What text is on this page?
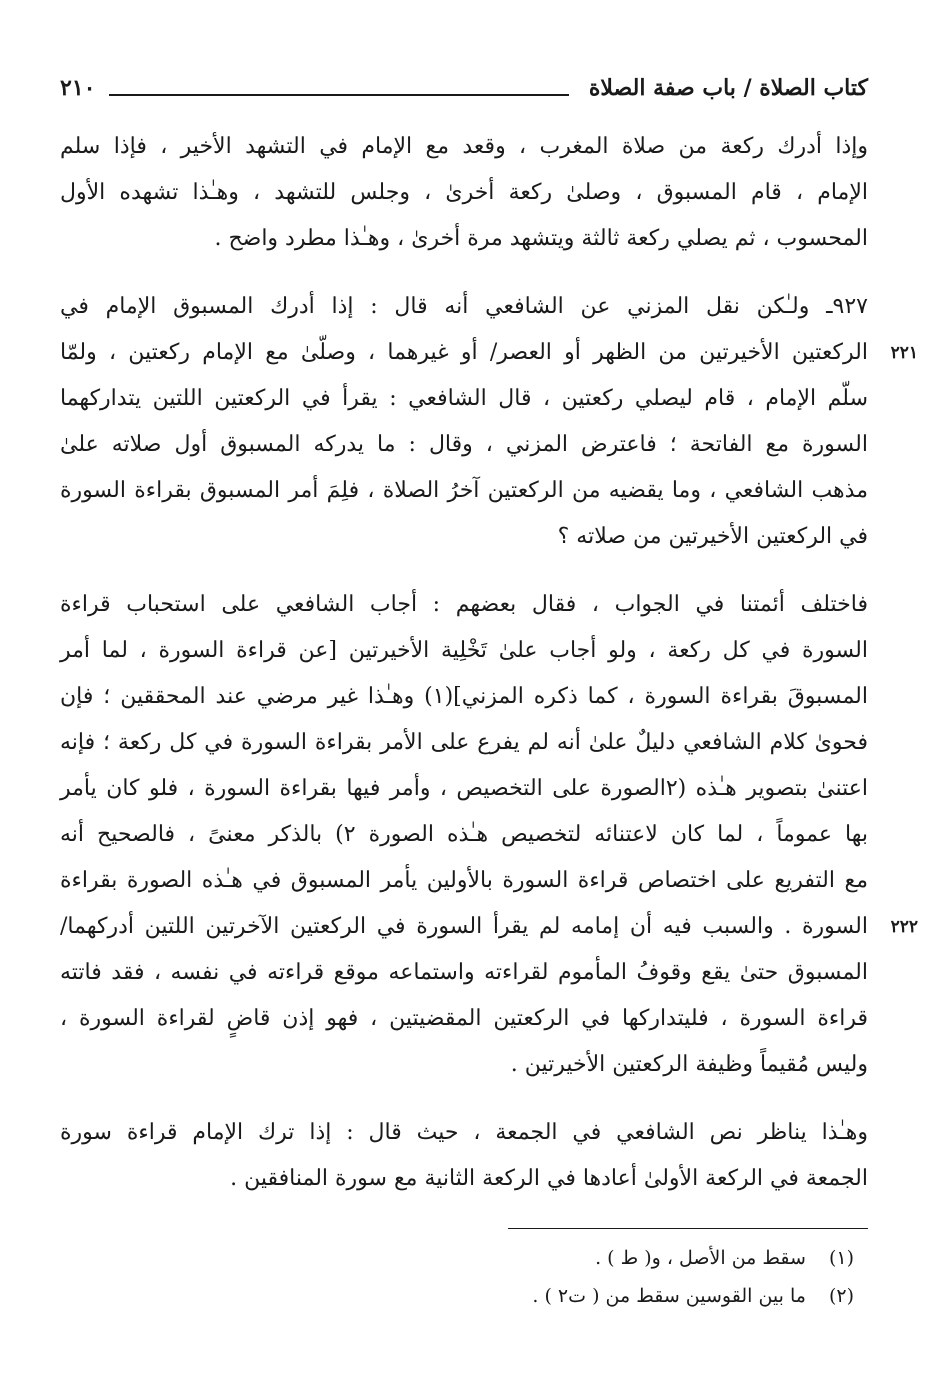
كتاب الصلاة / باب صفة الصلاة
٢١٠
وإذا أدرك ركعة من صلاة المغرب ، وقعد مع الإمام في التشهد الأخير ، فإذا سلم
الإمام ، قام المسبوق ، وصلىٰ ركعة أخرىٰ ، وجلس للتشهد ، وهـٰذا تشهده الأول
المحسوب ، ثم يصلي ركعة ثالثة ويتشهد مرة أخرىٰ ، وهـٰذا مطرد واضح .
٩٢٧ـ ولـٰكن نقل المزني عن الشافعي أنه قال : إذا أدرك المسبوق الإمام في
٢٢١
الركعتين الأخيرتين من الظهر أو العصر/ أو غيرهما ، وصلّىٰ مع الإمام ركعتين ، ولمّا
سلّم الإمام ، قام ليصلي ركعتين ، قال الشافعي : يقرأ في الركعتين اللتين يتداركهما
السورة مع الفاتحة ؛ فاعترض المزني ، وقال : ما يدركه المسبوق أول صلاته علىٰ
مذهب الشافعي ، وما يقضيه من الركعتين آخرُ الصلاة ، فلِمَ أمر المسبوق بقراءة السورة
في الركعتين الأخيرتين من صلاته ؟
فاختلف أئمتنا في الجواب ، فقال بعضهم : أجاب الشافعي على استحباب قراءة
السورة في كل ركعة ، ولو أجاب علىٰ تَخْلِية الأخيرتين [عن قراءة السورة ، لما أمر
المسبوقَ بقراءة السورة ، كما ذكره المزني](١) وهـٰذا غير مرضي عند المحققين ؛ فإن
فحوىٰ كلام الشافعي دليلٌ علىٰ أنه لم يفرع على الأمر بقراءة السورة في كل ركعة ؛ فإنه
اعتنىٰ بتصوير هـٰذه (٢الصورة على التخصيص ، وأمر فيها بقراءة السورة ، فلو كان يأمر
بها عموماً ، لما كان لاعتنائه لتخصيص هـٰذه الصورة ٢) بالذكر معنىً ، فالصحيح أنه
مع التفريع على اختصاص قراءة السورة بالأولين يأمر المسبوق في هـٰذه الصورة بقراءة
٢٢٢
السورة . والسبب فيه أن إمامه لم يقرأ السورة في الركعتين الآخرتين اللتين أدركهما/
المسبوق حتىٰ يقع وقوفُ المأموم لقراءته واستماعه موقع قراءته في نفسه ، فقد فاتته
قراءة السورة ، فليتداركها في الركعتين المقضيتين ، فهو إذن قاضٍ لقراءة السورة ،
وليس مُقيماً وظيفة الركعتين الأخيرتين .
وهـٰذا يناظر نص الشافعي في الجمعة ، حيث قال : إذا ترك الإمام قراءة سورة
الجمعة في الركعة الأولىٰ أعادها في الركعة الثانية مع سورة المنافقين .
(١) سقط من الأصل ، و( ط ) .
(٢) ما بين القوسين سقط من ( ت٢ ) .
